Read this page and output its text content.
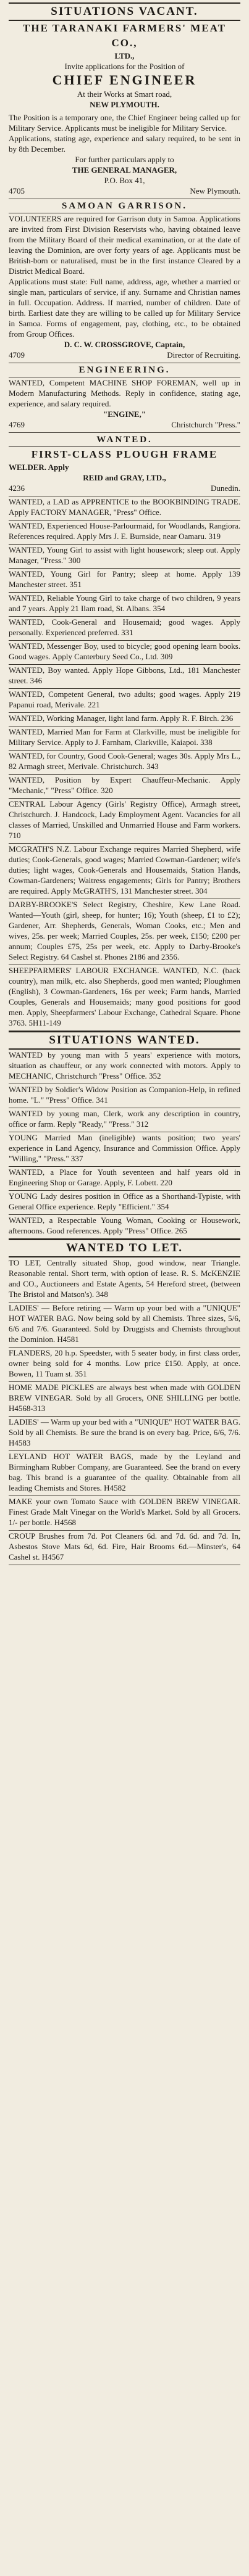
SITUATIONS VACANT.

THE TARANAKI FARMERS' MEAT CO.,

LTD.,

Invite applications for the Position of

CHIEF ENGINEER

At their Works at Smart road,

NEW PLYMOUTH.

The Position is a temporary one, the Chief Engineer being called up for Military Service. Applicants must be ineligible for Military Service.

Applications, stating age, experience and salary required, to be sent in by 8th December.

For further particulars apply to

THE GENERAL MANAGER,

P.O. Box 41,

4705	New Plymouth.
SAMOAN GARRISON.

VOLUNTEERS are required for Garrison duty in Samoa. Applications are invited from First Division Reservists who, having obtained leave from the Military Board of their medical examination, or at the date of leaving the Dominion, are over forty years of age. Applicants must be British-born or naturalised, must be in the first instance Cleared by a District Medical Board.

Applications must state: Full name, address, age, whether a married or single man, particulars of service, if any. Surname and Christian names in full. Occupation. Address. If married, number of children. Date of birth. Earliest date they are willing to be called up for Military Service in Samoa. Forms of engagement, pay, clothing, etc., to be obtained from Group Offices.

D. C. W. CROSSGROVE, Captain,

4709	Director of Recruiting.
ENGINEERING.

WANTED, Competent MACHINE SHOP FOREMAN, well up in Modern Manufacturing Methods. Reply in confidence, stating age, experience, and salary required.

"ENGINE,"

4769	Christchurch "Press."
WANTED.

FIRST-CLASS PLOUGH FRAME

WELDER. Apply

REID and GRAY, LTD.,

4236	Dunedin.

WANTED, a LAD as APPRENTICE to the BOOKBINDING TRADE. Apply FACTORY MANAGER, "Press" Office.

WANTED, Experienced House-Parlourmaid, for Woodlands, Rangiora. References required. Apply Mrs J. E. Burnside, near Oamaru. 319

WANTED, Young Girl to assist with light housework; sleep out. Apply Manager, "Press." 300

WANTED, Young Girl for Pantry; sleep at home. Apply 139 Manchester street. 351

WANTED, Reliable Young Girl to take charge of two children, 9 years and 7 years. Apply 21 Ilam road, St. Albans. 354

WANTED, Cook-General and Housemaid; good wages. Apply personally. Experienced preferred. 331

WANTED, Messenger Boy, used to bicycle; good opening learn books. Good wages. Apply Canterbury Seed Co., Ltd. 309

WANTED, Boy wanted. Apply Hope Gibbons, Ltd., 181 Manchester street. 346

WANTED, Competent General, two adults; good wages. Apply 219 Papanui road, Merivale. 221

WANTED, Working Manager, light land farm. Apply R. F. Birch. 236

WANTED, Married Man for Farm at Clarkville, must be ineligible for Military Service. Apply to J. Farnham, Clarkville, Kaiapoi. 338

WANTED, for Country, Good Cook-General; wages 30s. Apply Mrs L., 82 Armagh street, Merivale. Christchurch. 343

WANTED, Position by Expert Chauffeur-Mechanic. Apply "Mechanic," "Press" Office. 320

CENTRAL Labour Agency (Girls' Registry Office), Armagh street, Christchurch. J. Handcock, Lady Employment Agent. Vacancies for all classes of Married, Unskilled and Unmarried House and Farm workers. 710

MCGRATH'S N.Z. Labour Exchange requires Married Shepherd, wife duties; Cook-Generals, good wages; Married Cowman-Gardener; wife's duties; light wages, Cook-Generals and Housemaids, Station Hands, Cowman-Gardeners; Waitress engagements; Girls for Pantry; Brothers are required. Apply McGRATH'S, 131 Manchester street. 304

DARBY-BROOKE'S Select Registry, Cheshire, Kew Lane Road. Wanted—Youth (girl, sheep, for hunter; 16); Youth (sheep, £1 to £2); Gardener, Arr. Shepherds, Generals, Woman Cooks, etc.; Men and wives, 25s. per week; Married Couples, 25s. per week, £150; £200 per annum; Couples £75, 25s per week, etc. Apply to Darby-Brooke's Select Registry. 64 Cashel st. Phones 2186 and 2356.

SHEEPFARMERS' LABOUR EXCHANGE. WANTED, N.C. (back country), man milk, etc. also Shepherds, good men wanted; Ploughmen (English), 3 Cowman-Gardeners, 16s per week; Farm hands, Married Couples, Generals and Housemaids; many good positions for good men. Apply, Sheepfarmers' Labour Exchange, Cathedral Square. Phone 3763. 5H11-149

SITUATIONS WANTED.

WANTED by young man with 5 years' experience with motors, situation as chauffeur, or any work connected with motors. Apply to MECHANIC, Christchurch "Press" Office. 352

WANTED by Soldier's Widow Position as Companion-Help, in refined home. "L." "Press" Office. 341

WANTED by young man, Clerk, work any description in country, office or farm. Reply "Ready," "Press." 312

YOUNG Married Man (ineligible) wants position; two years' experience in Land Agency, Insurance and Commission Office. Apply "Willing," "Press." 337

WANTED, a Place for Youth seventeen and half years old in Engineering Shop or Garage. Apply, F. Lobett. 220

YOUNG Lady desires position in Office as a Shorthand-Typiste, with General Office experience. Reply "Efficient." 354

WANTED, a Respectable Young Woman, Cooking or Housework, afternoons. Good references. Apply "Press" Office. 265

WANTED TO LET.

TO LET, Centrally situated Shop, good window, near Triangle. Reasonable rental. Short term, with option of lease. R. S. McKENZIE and CO., Auctioneers and Estate Agents, 54 Hereford street, (between The Bristol and Matson's). 348

LADIES' — Before retiring — Warm up your bed with a "UNIQUE" HOT WATER BAG. Now being sold by all Chemists. Three sizes, 5/6, 6/6 and 7/6. Guaranteed. Sold by Druggists and Chemists throughout the Dominion. H4581

FLANDERS, 20 h.p. Speedster, with 5 seater body, in first class order, owner being sold for 4 months. Low price £150. Apply, at once. Bowen, 11 Tuam st. 351

HOME MADE PICKLES are always best when made with GOLDEN BREW VINEGAR. Sold by all Grocers, ONE SHILLING per bottle. H4568-313

LADIES' — Warm up your bed with a "UNIQUE" HOT WATER BAG. Sold by all Chemists. Be sure the brand is on every bag. Price, 6/6, 7/6. H4583

LEYLAND HOT WATER BAGS, made by the Leyland and Birmingham Rubber Company, are Guaranteed. See the brand on every bag. This brand is a guarantee of the quality. Obtainable from all leading Chemists and Stores. H4582

MAKE your own Tomato Sauce with GOLDEN BREW VINEGAR. Finest Grade Malt Vinegar on the World's Market. Sold by all Grocers. 1/- per bottle. H4568

CROUP Brushes from 7d. Pot Cleaners 6d. and 7d. 6d. and 7d. In, Asbestos Stove Mats 6d, 6d. Fire, Hair Brooms 6d.—Minster's, 64 Cashel st. H4567
